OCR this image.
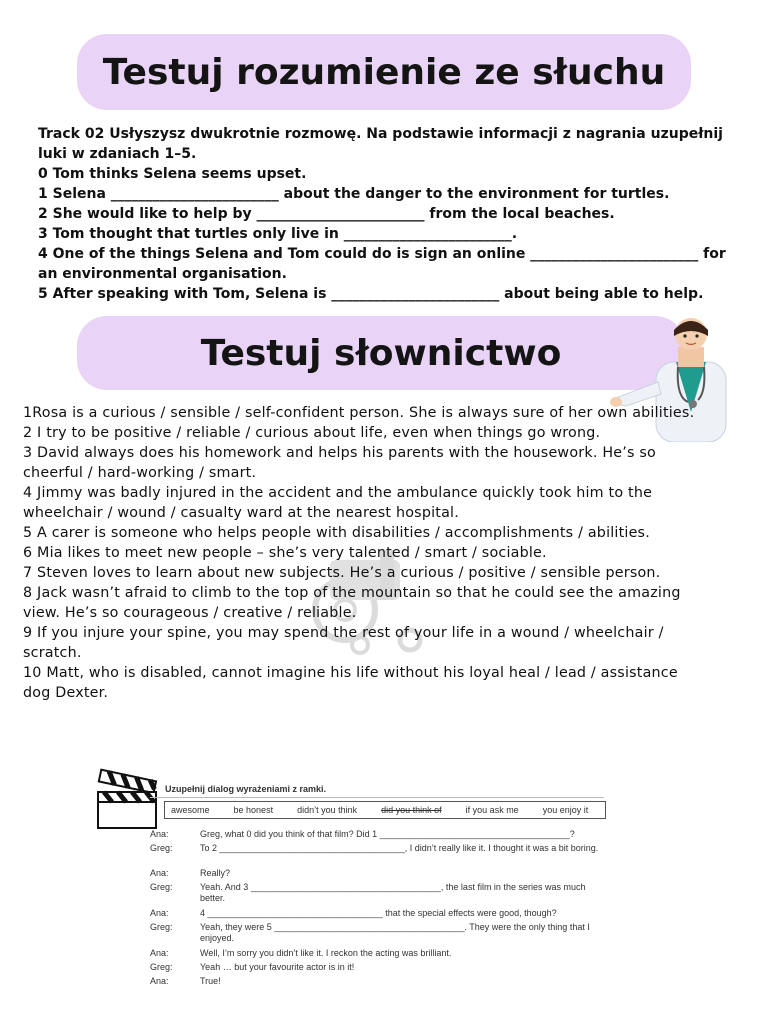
Testuj rozumienie ze słuchu

Track 02 Usłyszysz dwukrotnie rozmowę. Na podstawie informacji z nagrania uzupełnij luki w zdaniach 1–5.

0 Tom thinks Selena seems upset.

1 Selena ________________________ about the danger to the environment for turtles.

2 She would like to help by ________________________ from the local beaches.

3 Tom thought that turtles only live in ________________________.

4 One of the things Selena and Tom could do is sign an online ________________________ for an environmental organisation.

5 After speaking with Tom, Selena is ________________________ about being able to help.

Testuj słownictwo

1Rosa is a curious / sensible / self-confident person. She is always sure of her own abilities.

2 I try to be positive / reliable / curious about life, even when things go wrong.

3 David always does his homework and helps his parents with the housework. He’s so cheerful / hard-working / smart.

4 Jimmy was badly injured in the accident and the ambulance quickly took him to the wheelchair / wound / casualty ward at the nearest hospital.

5 A carer is someone who helps people with disabilities / accomplishments / abilities.

6 Mia likes to meet new people – she’s very talented / smart / sociable.

7 Steven loves to learn about new subjects. He’s a curious / positive / sensible person.

8 Jack wasn’t afraid to climb to the top of the mountain so that he could see the amazing view. He’s so courageous / creative / reliable.

9 If you injure your spine, you may spend the rest of your life in a wound / wheelchair / scratch.

10 Matt, who is disabled, cannot imagine his life without his loyal heal / lead / assistance dog Dexter.

Uzupełnij dialog wyrażeniami z ramki.
awesome	be honest	didn’t you think	did you think of	if you ask me	you enjoy it
Ana:	Greg, what 0 did you think of that film? Did 1 ______________________________________?
Greg:	To 2 _____________________________________, I didn’t really like it. I thought it was a bit boring.
Ana:	Really?
Greg:	Yeah. And 3 ______________________________________, the last film in the series was much better.
Ana:	4 ___________________________________ that the special effects were good, though?
Greg:	Yeah, they were 5 ______________________________________. They were the only thing that I enjoyed.
Ana:	Well, I’m sorry you didn’t like it. I reckon the acting was brilliant.
Greg:	Yeah … but your favourite actor is in it!
Ana:	True!
